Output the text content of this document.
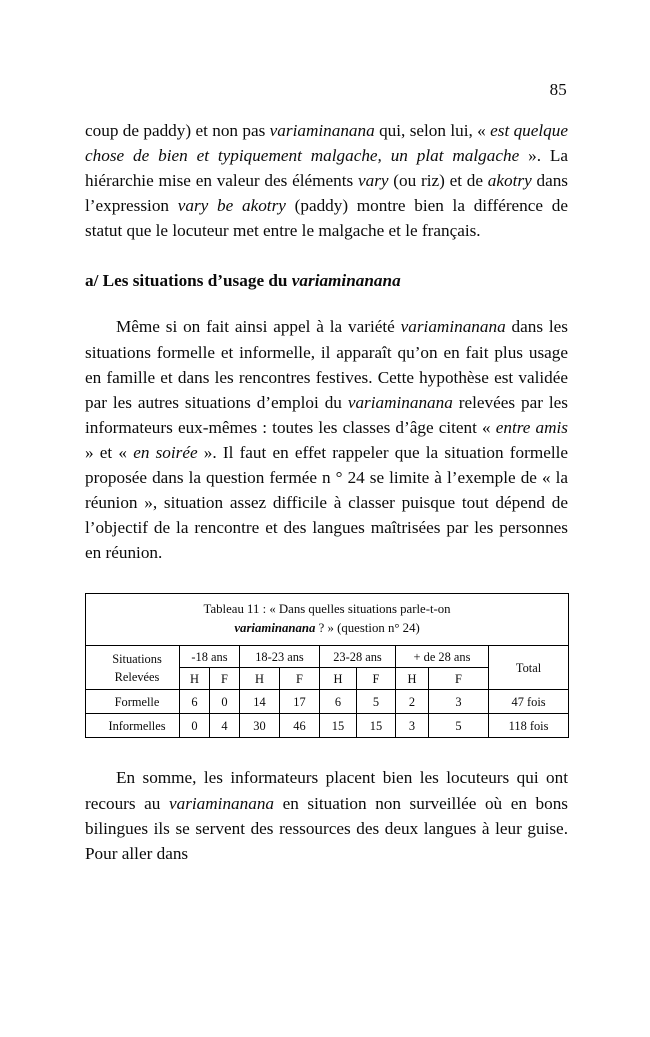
85

coup de paddy) et non pas variaminanana qui, selon lui, « est quelque chose de bien et typiquement malgache, un plat malgache ». La hiérarchie mise en valeur des éléments vary (ou riz) et de akotry dans l’expression vary be akotry (paddy) montre bien la différence de statut que le locuteur met entre le malgache et le français.

a/ Les situations d’usage du variaminanana

Même si on fait ainsi appel à la variété variaminanana dans les situations formelle et informelle, il apparaît qu’on en fait plus usage en famille et dans les rencontres festives. Cette hypothèse est validée par les autres situations d’emploi du variaminanana relevées par les informateurs eux-mêmes : toutes les classes d’âge citent « entre amis » et « en soirée ». Il faut en effet rappeler que la situation formelle proposée dans la question fermée n ° 24 se limite à l’exemple de « la réunion », situation assez difficile à classer puisque tout dépend de l’objectif de la rencontre et des langues maîtrisées par les personnes en réunion.

Tableau 11 : « Dans quelles situations parle-t-on
variaminanana ? » (question n° 24)									

Situations
Relevées	-18 ans		18-23 ans		23-28 ans		+ de 28 ans		Total
	H	F	H	F	H	F	H	F	
Formelle	6	0	14	17	6	5	2	3	47 fois
Informelles	0	4	30	46	15	15	3	5	118 fois

En somme, les informateurs placent bien les locuteurs qui ont recours au variaminanana en situation non surveillée où en bons bilingues ils se servent des ressources des deux langues à leur guise. Pour aller dans
